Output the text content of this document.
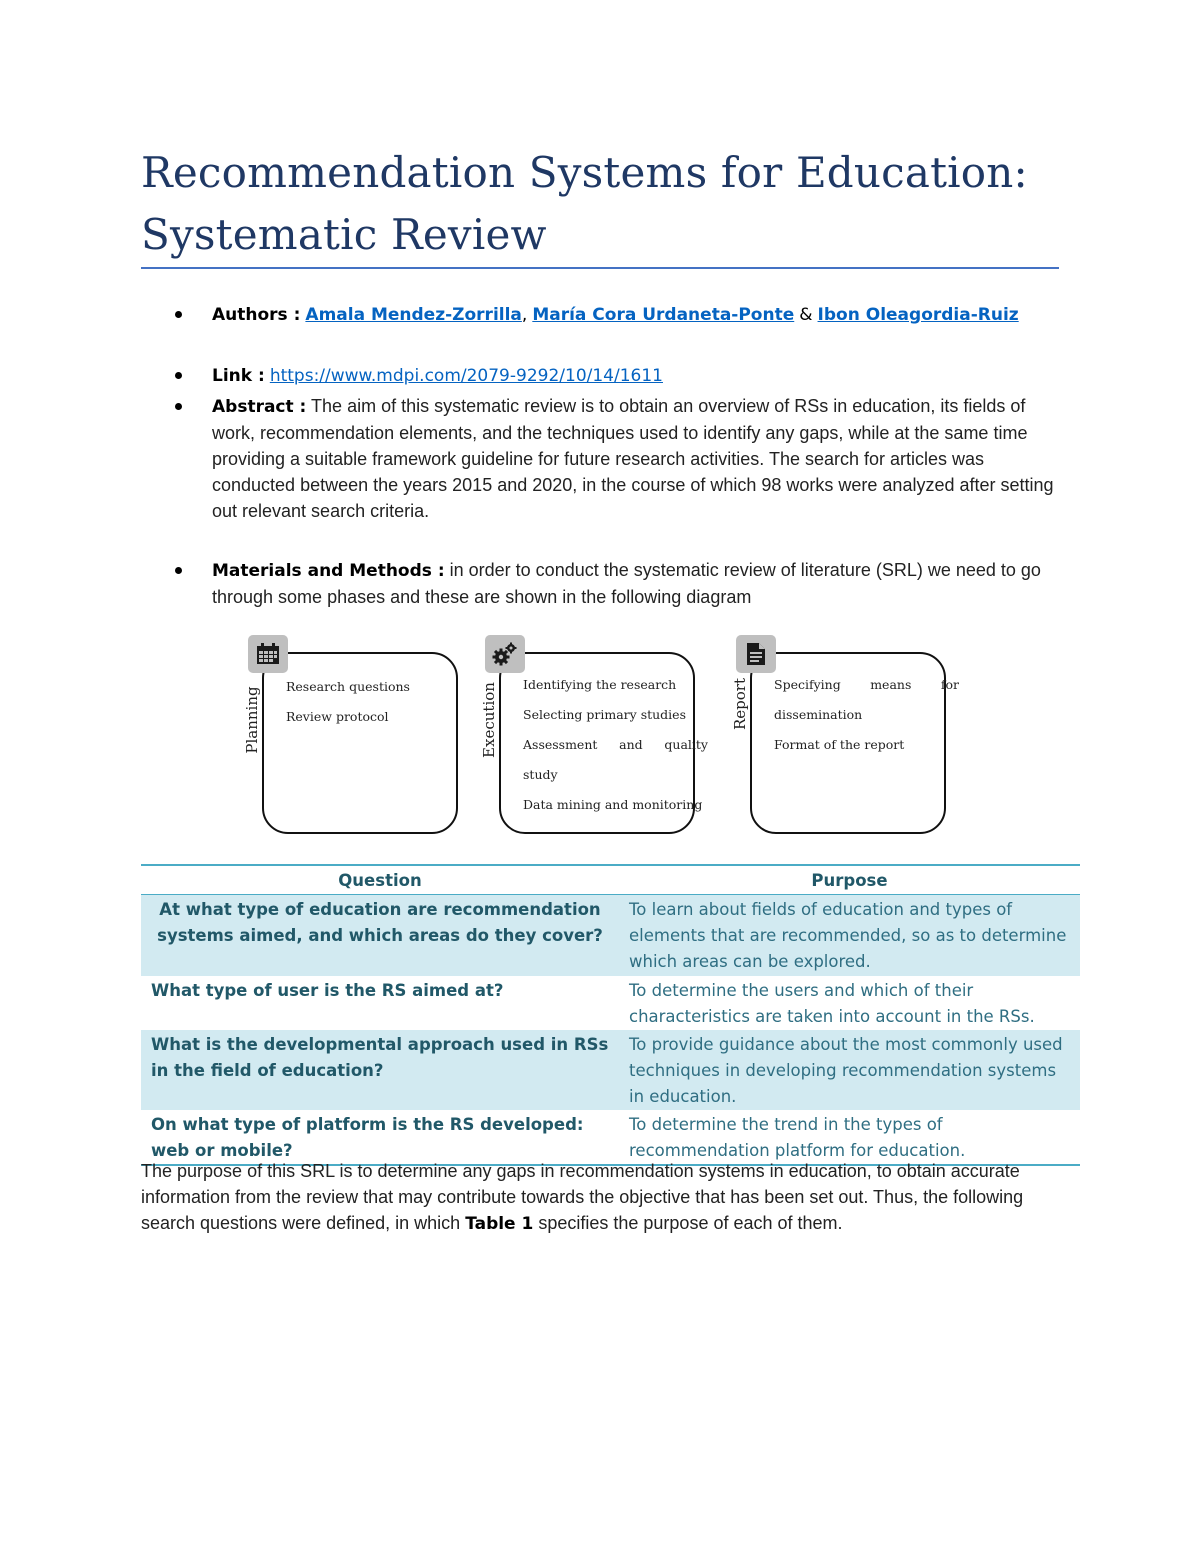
Recommendation Systems for Education: Systematic Review
Authors : Amala Mendez-Zorrilla, María Cora Urdaneta-Ponte & Ibon Oleagordia-Ruiz
Link : https://www.mdpi.com/2079-9292/10/14/1611
Abstract : The aim of this systematic review is to obtain an overview of RSs in education, its fields of work, recommendation elements, and the techniques used to identify any gaps, while at the same time providing a suitable framework guideline for future research activities. The search for articles was conducted between the years 2015 and 2020, in the course of which 98 works were analyzed after setting out relevant search criteria.
Materials and Methods : in order to conduct the systematic review of literature (SRL) we need to go through some phases and these are shown in the following diagram
Planning Research questions
Review protocol	Execution Identifying the research
Selecting primary studies
Assessment and quality study
Data mining and monitoring
Report Specifying means for dissemination
Format of the report
Question	Purpose
At what type of education are recommendation systems aimed, and which areas do they cover?	To learn about fields of education and types of elements that are recommended, so as to determine which areas can be explored.
What type of user is the RS aimed at?	To determine the users and which of their characteristics are taken into account in the RSs.
What is the developmental approach used in RSs in the field of education?	To provide guidance about the most commonly used techniques in developing recommendation systems in education.
On what type of platform is the RS developed: web or mobile?	To determine the trend in the types of recommendation platform for education.

The purpose of this SRL is to determine any gaps in recommendation systems in education, to obtain accurate information from the review that may contribute towards the objective that has been set out. Thus, the following search questions were defined, in which Table 1 specifies the purpose of each of them.
